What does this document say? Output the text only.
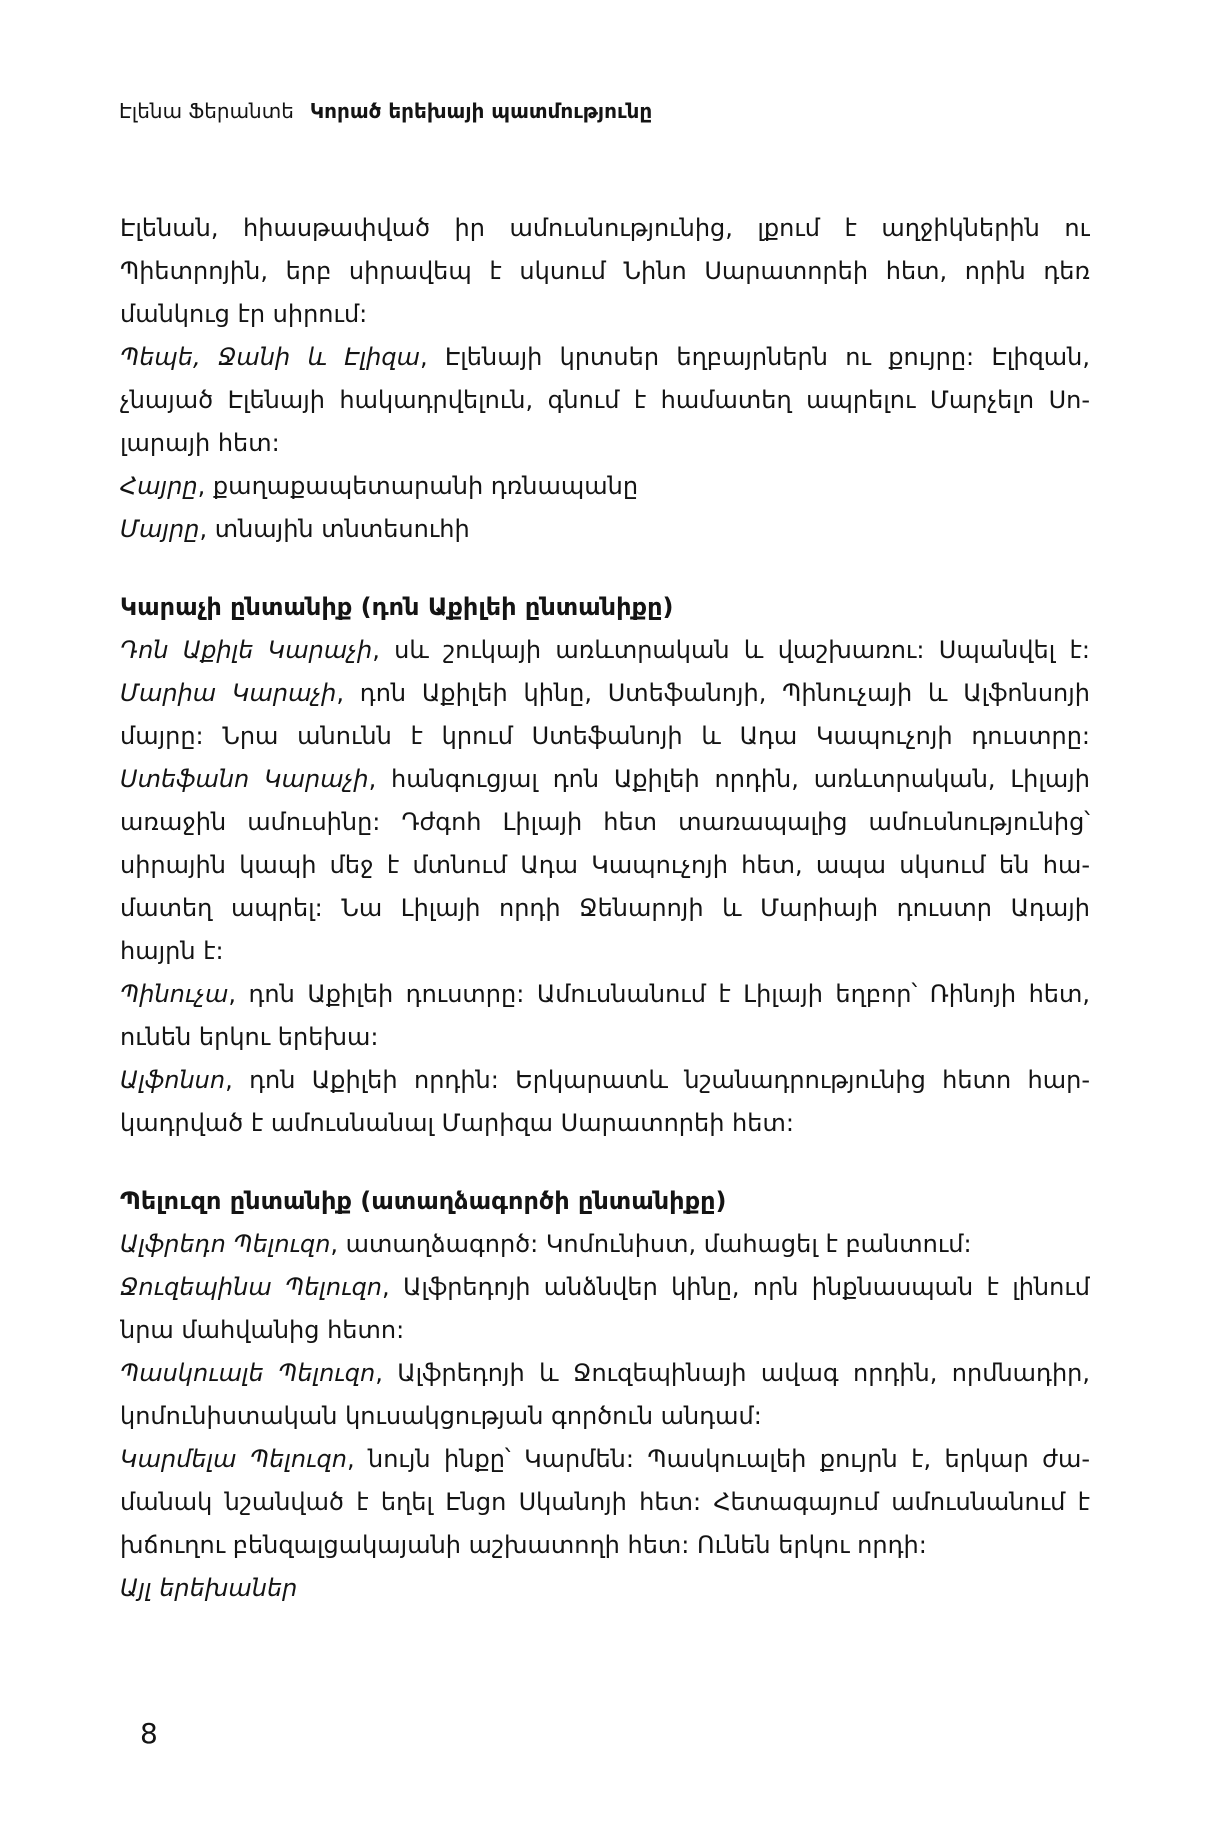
Էլենա Ֆերանտե Կորած երեխայի պատմությունը
Էլենան, հիասթափված իր ամուսնությունից, լքում է աղջիկներին ու
Պիետրոյին, երբ սիրավեպ է սկսում Նինո Սարատորեի հետ, որին դեռ
մանկուց էր սիրում:
Պեպե, Ջանի և Էլիզա, Էլենայի կրտսեր եղբայրներն ու քույրը: Էլիզան,
չնայած Էլենայի հակադրվելուն, գնում է համատեղ ապրելու Մարչելո Սո-
լարայի հետ:
Հայրը, քաղաքապետարանի դռնապանը
Մայրը, տնային տնտեսուհի
Կարաչի ընտանիք (դոն Աքիլեի ընտանիքը)
Դոն Աքիլե Կարաչի, սև շուկայի առևտրական և վաշխառու: Սպանվել է:
Մարիա Կարաչի, դոն Աքիլեի կինը, Ստեֆանոյի, Պինուչայի և Ալֆոնսոյի
մայրը: Նրա անունն է կրում Ստեֆանոյի և Ադա Կապուչոյի դուստրը:
Ստեֆանո Կարաչի, հանգուցյալ դոն Աքիլեի որդին, առևտրական, Լիլայի
առաջին ամուսինը: Դժգոհ Լիլայի հետ տառապալից ամուսնությունից՝
սիրային կապի մեջ է մտնում Ադա Կապուչոյի հետ, ապա սկսում են հա-
մատեղ ապրել: Նա Լիլայի որդի Ջենարոյի և Մարիայի դուստր Ադայի
հայրն է:
Պինուչա, դոն Աքիլեի դուստրը: Ամուսնանում է Լիլայի եղբոր՝ Ռինոյի հետ,
ունեն երկու երեխա:
Ալֆոնսո, դոն Աքիլեի որդին: Երկարատև նշանադրությունից հետո հար-
կադրված է ամուսնանալ Մարիզա Սարատորեի հետ:
Պելուզո ընտանիք (ատաղձագործի ընտանիքը)
Ալֆրեդո Պելուզո, ատաղձագործ: Կոմունիստ, մահացել է բանտում:
Ջուզեպինա Պելուզո, Ալֆրեդոյի անձնվեր կինը, որն ինքնասպան է լինում
նրա մահվանից հետո:
Պասկուալե Պելուզո, Ալֆրեդոյի և Ջուզեպինայի ավագ որդին, որմնադիր,
կոմունիստական կուսակցության գործուն անդամ:
Կարմելա Պելուզո, նույն ինքը՝ Կարմեն: Պասկուալեի քույրն է, երկար ժա-
մանակ նշանված է եղել Էնցո Սկանոյի հետ: Հետագայում ամուսնանում է
խճուղու բենզալցակայանի աշխատողի հետ: Ունեն երկու որդի:
Այլ երեխաներ
8
